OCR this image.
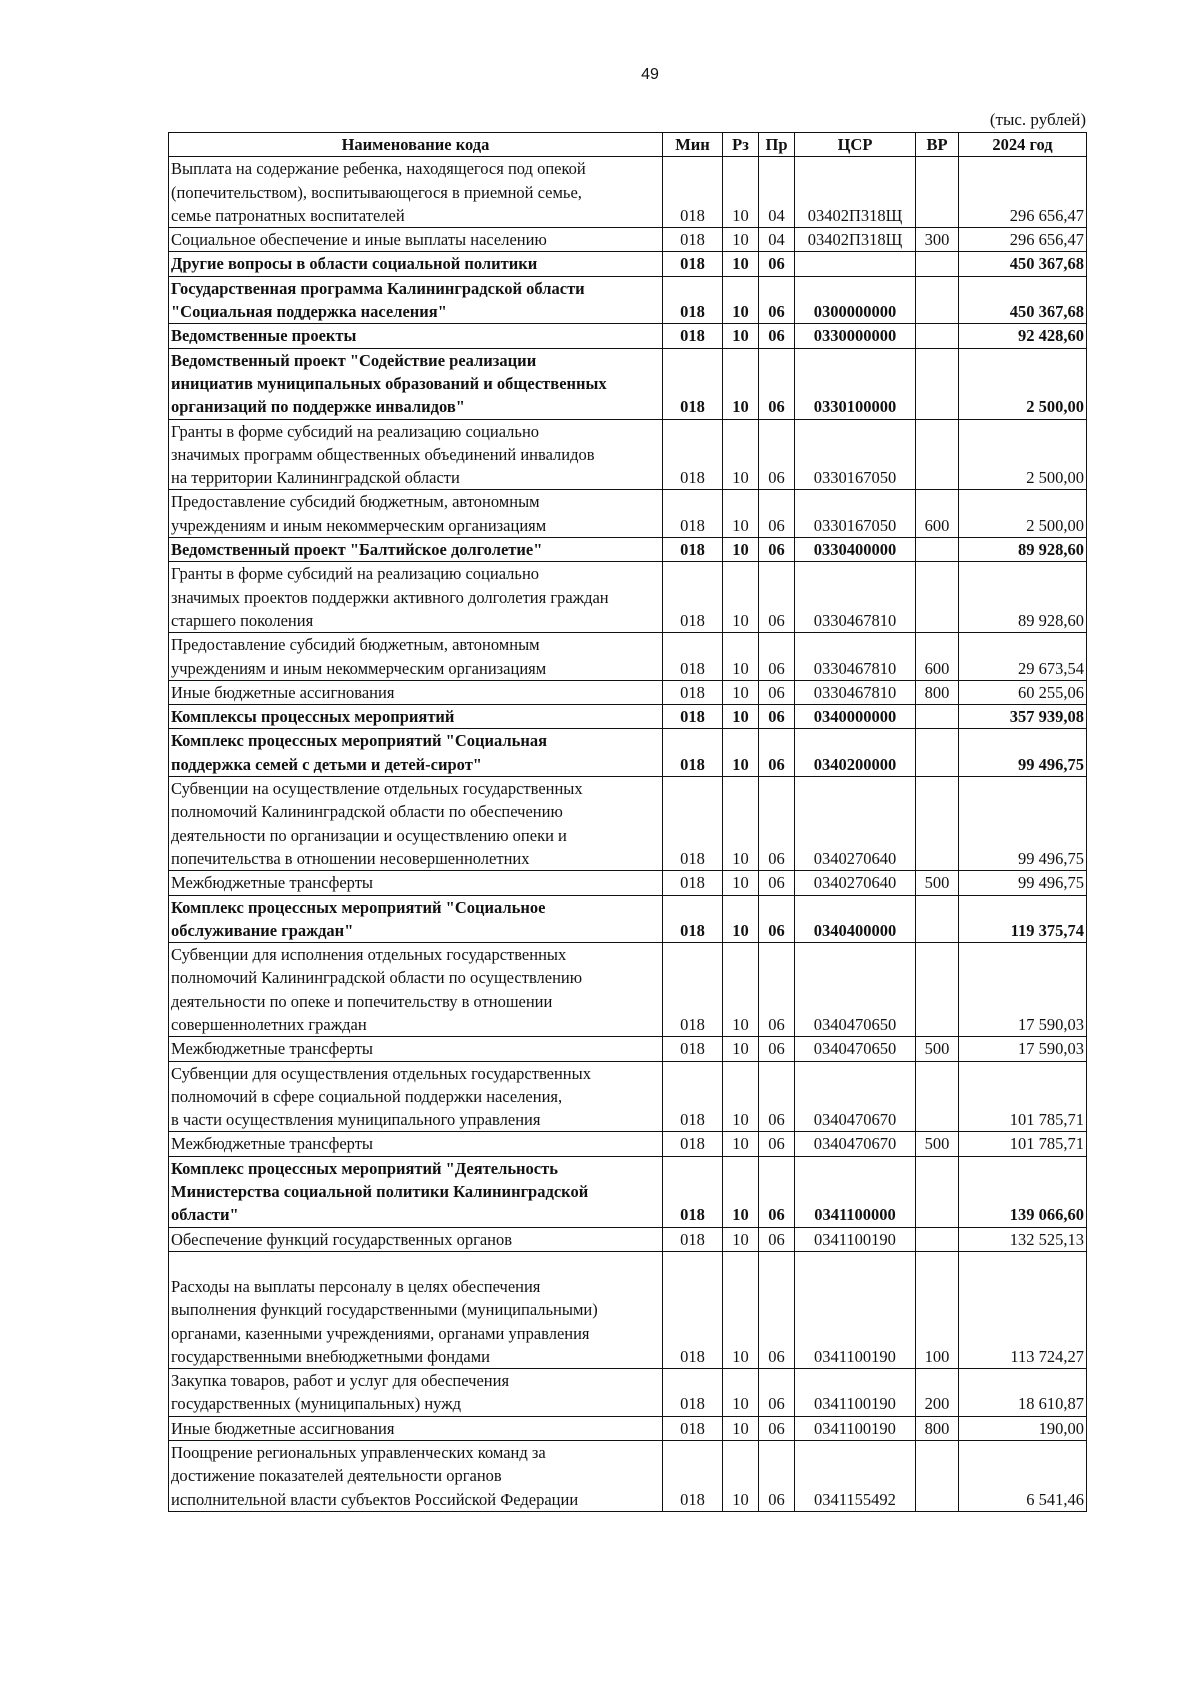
49
(тыс. рублей)
Наименование кода	Мин	Рз	Пр	ЦСР	ВР	2024 год

Выплата на содержание ребенка, находящегося под опекой
(попечительством), воспитывающегося в приемной семье,
семье патронатных воспитателей	018	10	04	03402П318Щ		296 656,47

Социальное обеспечение и иные выплаты населению	018	10	04	03402П318Щ	300	296 656,47

Другие вопросы в области социальной политики	018	10	06			450 367,68

Государственная программа Калининградской области
"Социальная поддержка населения"	018	10	06	0300000000		450 367,68

Ведомственные проекты	018	10	06	0330000000		92 428,60

Ведомственный проект "Содействие реализации
инициатив муниципальных образований и общественных
организаций по поддержке инвалидов"	018	10	06	0330100000		2 500,00

Гранты в форме субсидий на реализацию социально
значимых программ общественных объединений инвалидов
на территории Калининградской области	018	10	06	0330167050		2 500,00

Предоставление субсидий бюджетным, автономным
учреждениям и иным некоммерческим организациям	018	10	06	0330167050	600	2 500,00

Ведомственный проект "Балтийское долголетие"	018	10	06	0330400000		89 928,60

Гранты в форме субсидий на реализацию социально
значимых проектов поддержки активного долголетия граждан
старшего поколения	018	10	06	0330467810		89 928,60

Предоставление субсидий бюджетным, автономным
учреждениям и иным некоммерческим организациям	018	10	06	0330467810	600	29 673,54

Иные бюджетные ассигнования	018	10	06	0330467810	800	60 255,06

Комплексы процессных мероприятий	018	10	06	0340000000		357 939,08

Комплекс процессных мероприятий "Социальная
поддержка семей с детьми и детей-сирот"	018	10	06	0340200000		99 496,75

Субвенции на осуществление отдельных государственных
полномочий Калининградской области по обеспечению
деятельности по организации и осуществлению опеки и
попечительства в отношении несовершеннолетних	018	10	06	0340270640		99 496,75

Межбюджетные трансферты	018	10	06	0340270640	500	99 496,75

Комплекс процессных мероприятий "Социальное
обслуживание граждан"	018	10	06	0340400000		119 375,74

Субвенции для исполнения отдельных государственных
полномочий Калининградской области по осуществлению
деятельности по опеке и попечительству в отношении
совершеннолетних граждан	018	10	06	0340470650		17 590,03

Межбюджетные трансферты	018	10	06	0340470650	500	17 590,03

Субвенции для осуществления отдельных государственных
полномочий в сфере социальной поддержки населения,
в части осуществления муниципального управления	018	10	06	0340470670		101 785,71

Межбюджетные трансферты	018	10	06	0340470670	500	101 785,71

Комплекс процессных мероприятий "Деятельность
Министерства социальной политики Калининградской
области"	018	10	06	0341100000		139 066,60

Обеспечение функций государственных органов	018	10	06	0341100190		132 525,13

Расходы на выплаты персоналу в целях обеспечения
выполнения функций государственными (муниципальными)
органами, казенными учреждениями, органами управления
государственными внебюджетными фондами	018	10	06	0341100190	100	113 724,27

Закупка товаров, работ и услуг для обеспечения
государственных (муниципальных) нужд	018	10	06	0341100190	200	18 610,87

Иные бюджетные ассигнования	018	10	06	0341100190	800	190,00

Поощрение региональных управленческих команд за
достижение показателей деятельности органов
исполнительной власти субъектов Российской Федерации	018	10	06	0341155492		6 541,46
